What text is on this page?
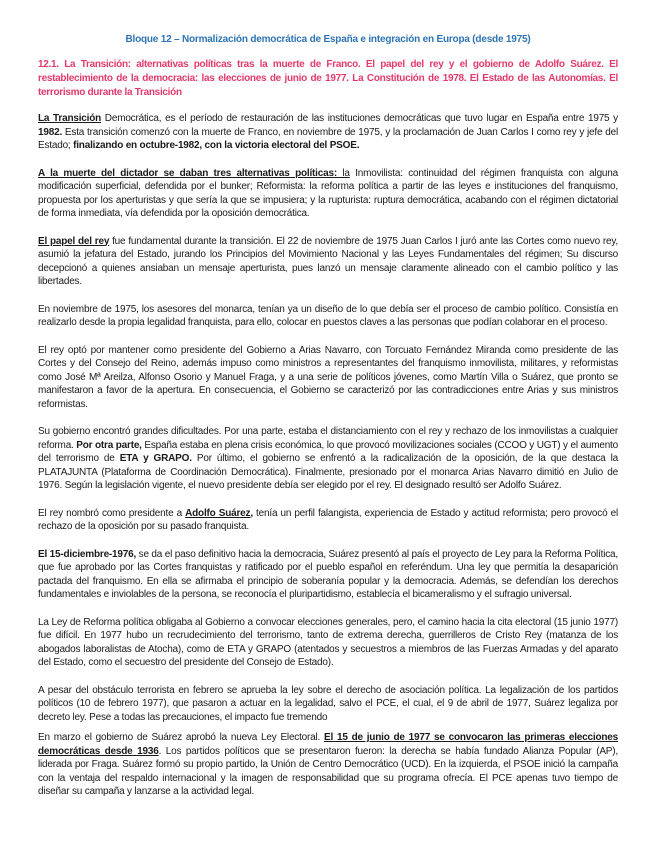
Bloque 12 – Normalización democrática de España e integración en Europa (desde 1975)
12.1. La Transición: alternativas políticas tras la muerte de Franco. El papel del rey y el gobierno de Adolfo Suárez. El restablecimiento de la democracia: las elecciones de junio de 1977. La Constitución de 1978. El Estado de las Autonomías. El terrorismo durante la Transición

La Transición Democrática, es el período de restauración de las instituciones democráticas que tuvo lugar en España entre 1975 y 1982. Esta transición comenzó con la muerte de Franco, en noviembre de 1975, y la proclamación de Juan Carlos I como rey y jefe del Estado; finalizando en octubre-1982, con la victoria electoral del PSOE.

A la muerte del dictador se daban tres alternativas políticas: la Inmovilista: continuidad del régimen franquista con alguna modificación superficial, defendida por el bunker; Reformista: la reforma política a partir de las leyes e instituciones del franquismo, propuesta por los aperturistas y que sería la que se impusiera; y la rupturista: ruptura democrática, acabando con el régimen dictatorial de forma inmediata, vía defendida por la oposición democrática.

El papel del rey fue fundamental durante la transición. El 22 de noviembre de 1975 Juan Carlos I juró ante las Cortes como nuevo rey, asumió la jefatura del Estado, jurando los Principios del Movimiento Nacional y las Leyes Fundamentales del régimen; Su discurso decepcionó a quienes ansiaban un mensaje aperturista, pues lanzó un mensaje claramente alineado con el cambio político y las libertades.

En noviembre de 1975, los asesores del monarca, tenían ya un diseño de lo que debía ser el proceso de cambio político. Consistía en realizarlo desde la propia legalidad franquista, para ello, colocar en puestos claves a las personas que podían colaborar en el proceso.

El rey optó por mantener como presidente del Gobierno a Arias Navarro, con Torcuato Fernández Miranda como presidente de las Cortes y del Consejo del Reino, además impuso como ministros a representantes del franquismo inmovilista, militares, y reformistas como José Mª Areilza, Alfonso Osorio y Manuel Fraga, y a una serie de políticos jóvenes, como Martín Villa o Suárez, que pronto se manifestaron a favor de la apertura. En consecuencia, el Gobierno se caracterizó por las contradicciones entre Arias y sus ministros reformistas.

Su gobierno encontró grandes dificultades. Por una parte, estaba el distanciamiento con el rey y rechazo de los inmovilistas a cualquier reforma. Por otra parte, España estaba en plena crisis económica, lo que provocó movilizaciones sociales (CCOO y UGT) y el aumento del terrorismo de ETA y GRAPO. Por último, el gobierno se enfrentó a la radicalización de la oposición, de la que destaca la PLATAJUNTA (Plataforma de Coordinación Democrática). Finalmente, presionado por el monarca Arias Navarro dimitió en Julio de 1976. Según la legislación vigente, el nuevo presidente debía ser elegido por el rey. El designado resultó ser Adolfo Suárez.

El rey nombró como presidente a Adolfo Suárez, tenía un perfil falangista, experiencia de Estado y actitud reformista; pero provocó el rechazo de la oposición por su pasado franquista.

El 15-diciembre-1976, se da el paso definitivo hacia la democracia, Suárez presentó al país el proyecto de Ley para la Reforma Política, que fue aprobado por las Cortes franquistas y ratificado por el pueblo español en referéndum. Una ley que permitía la desaparición pactada del franquismo. En ella se afirmaba el principio de soberanía popular y la democracia. Además, se defendían los derechos fundamentales e inviolables de la persona, se reconocía el pluripartidismo, establecía el bicameralismo y el sufragio universal.

La Ley de Reforma política obligaba al Gobierno a convocar elecciones generales, pero, el camino hacia la cita electoral (15 junio 1977) fue difícil. En 1977 hubo un recrudecimiento del terrorismo, tanto de extrema derecha, guerrilleros de Cristo Rey (matanza de los abogados laboralistas de Atocha), como de ETA y GRAPO (atentados y secuestros a miembros de las Fuerzas Armadas y del aparato del Estado, como el secuestro del presidente del Consejo de Estado).

A pesar del obstáculo terrorista en febrero se aprueba la ley sobre el derecho de asociación política. La legalización de los partidos políticos (10 de febrero 1977), que pasaron a actuar en la legalidad, salvo el PCE, el cual, el 9 de abril de 1977, Suárez legaliza por decreto ley. Pese a todas las precauciones, el impacto fue tremendo

En marzo el gobierno de Suárez aprobó la nueva Ley Electoral. El 15 de junio de 1977 se convocaron las primeras elecciones democráticas desde 1936. Los partidos políticos que se presentaron fueron: la derecha se había fundado Alianza Popular (AP), liderada por Fraga. Suárez formó su propio partido, la Unión de Centro Democrático (UCD). En la izquierda, el PSOE inició la campaña con la ventaja del respaldo internacional y la imagen de responsabilidad que su programa ofrecía. El PCE apenas tuvo tiempo de diseñar su campaña y lanzarse a la actividad legal.
